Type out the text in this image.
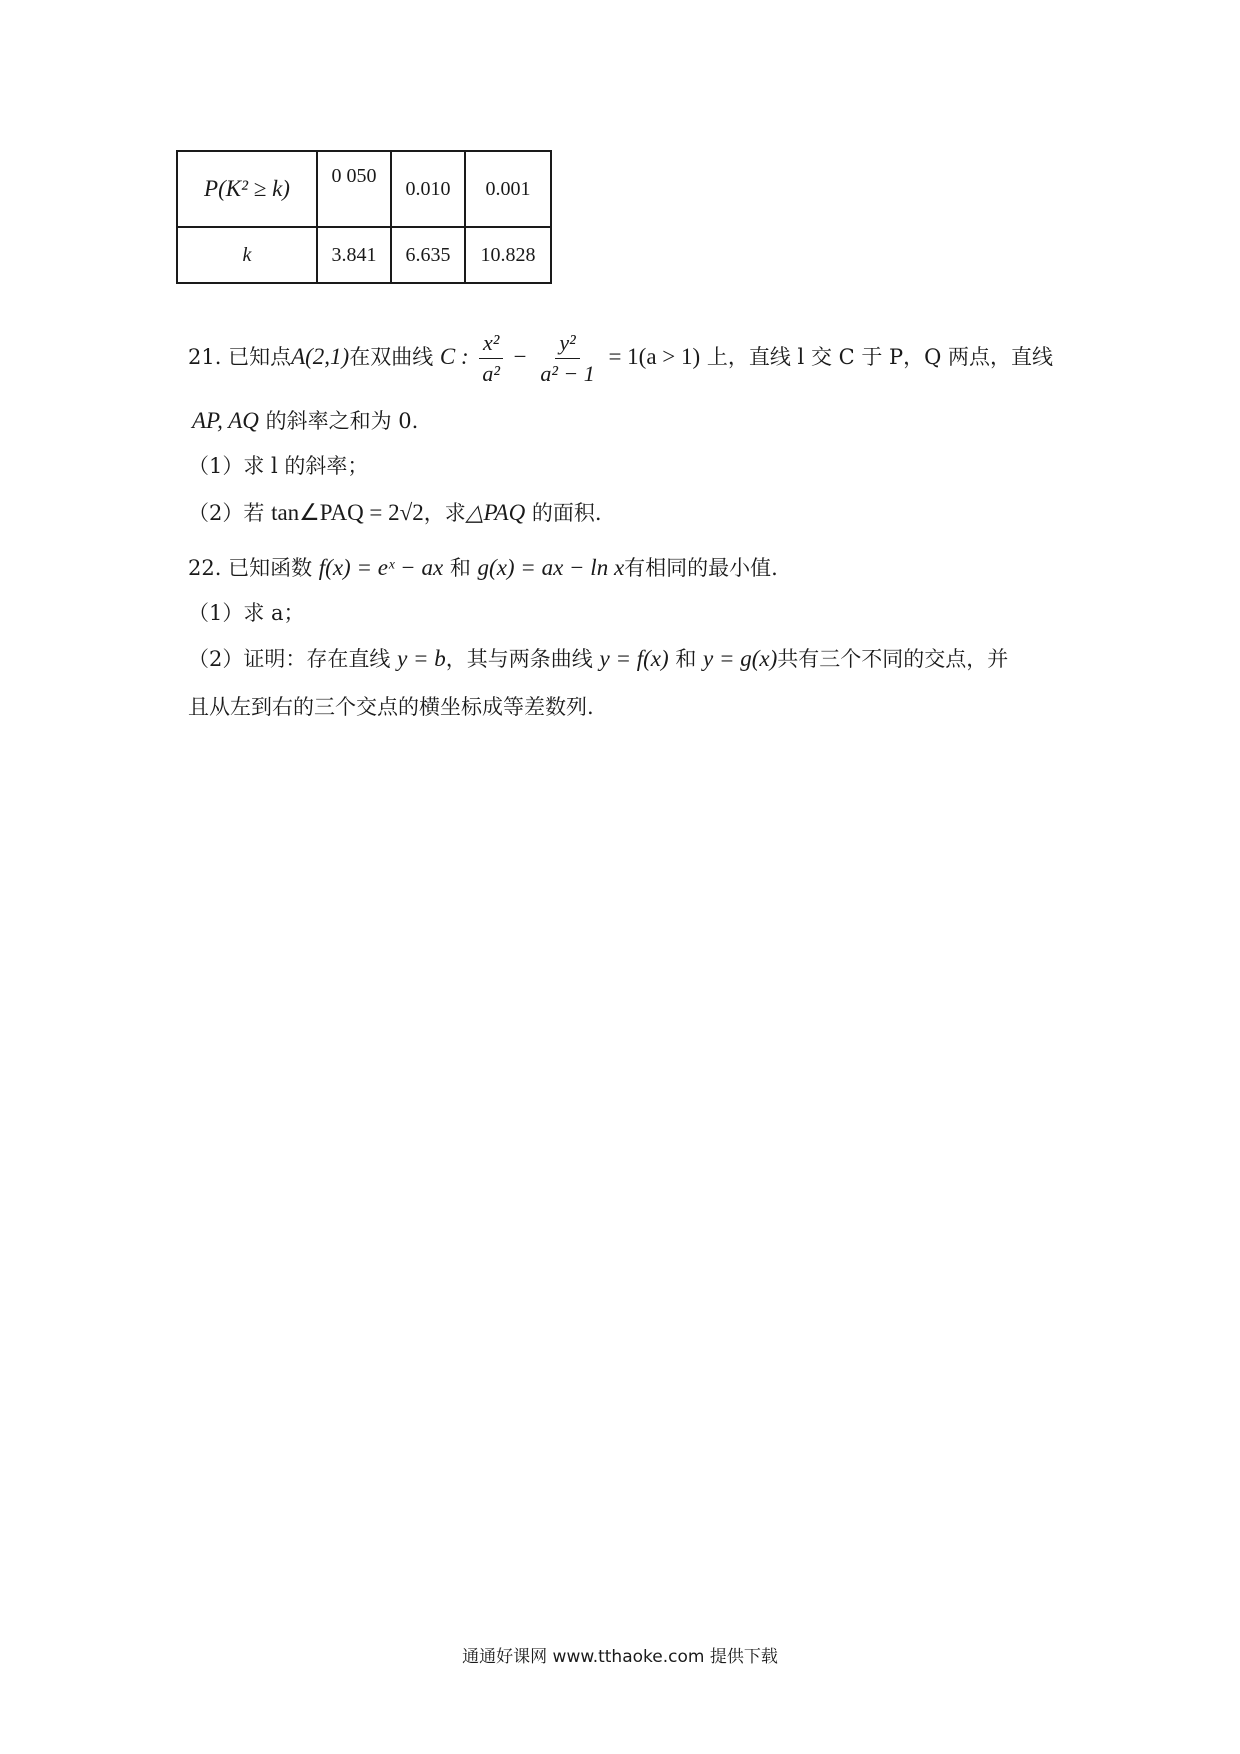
P(K² ≥ k)	0 050	0.010	0.001
k	3.841	6.635	10.828
21. 已知点A(2,1)在双曲线 C : $\frac{\text{x²}}{\text{a²}} - \frac{\text{y²}}{\text{a² − 1}} = 1(a > 1)$ 上，直线 l 交 C 于 P，Q 两点，直线
AP, AQ 的斜率之和为 0.
（1）求 l 的斜率；
（2）若 tan∠PAQ = 2√2，求△PAQ 的面积.
22. 已知函数 f(x) = eˣ − ax 和 g(x) = ax − ln x有相同的最小值.
（1）求 a；
（2）证明：存在直线 y = b，其与两条曲线 y = f(x) 和 y = g(x)共有三个不同的交点，并
且从左到右的三个交点的横坐标成等差数列.
通通好课网 www.tthaoke.com 提供下载
